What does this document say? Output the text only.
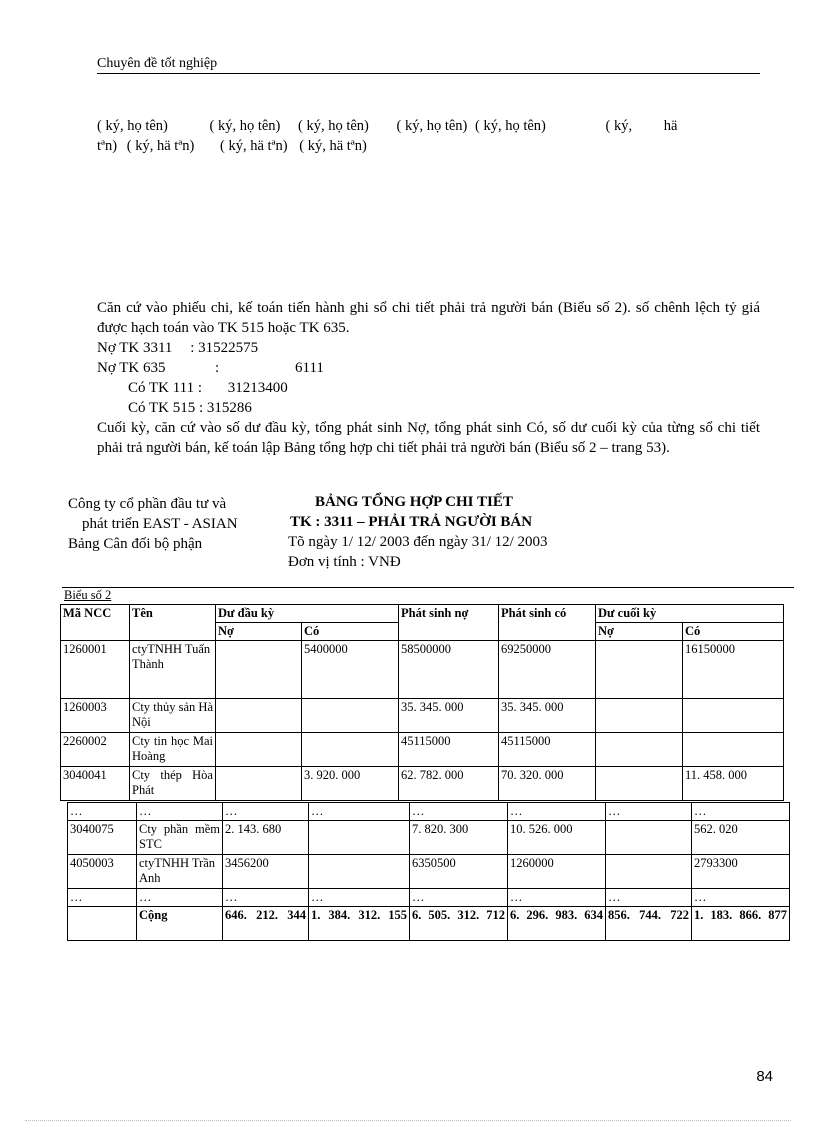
Chuyên đề tốt nghiệp
( ký, họ tên)	( ký, họ tên) ( ký, họ tên) ( ký, họ tên) ( ký, họ tên)	( ký, hä
tªn) ( ký, hä tªn) ( ký, hä tªn) ( ký, hä tªn)
Căn cứ vào phiếu chi, kế toán tiến hành ghi sổ chi tiết phải trả người bán (Biểu số 2). số chênh lệch tỷ giá được hạch toán vào TK 515 hoặc TK 635.
Nợ TK 3311 : 31522575
Nợ TK 635	:	6111
Có TK 111 : 31213400
Có TK 515 : 315286
Cuối kỳ, căn cứ vào số dư đầu kỳ, tổng phát sinh Nợ, tổng phát sinh Có, số dư cuối kỳ của từng sổ chi tiết phải trả người bán, kế toán lập Bảng tổng hợp chi tiết phải trả người bán (Biểu số 2 – trang 53).
Công ty cổ phần đầu tư và
phát triển EAST - ASIAN
Bảng Cân đối bộ phận
BẢNG TỔNG HỢP CHI TIẾT
TK : 3311 – PHẢI TRẢ NGƯỜI BÁN
Tõ ngày 1/ 12/ 2003 đến ngày 31/ 12/ 2003
Đơn vị tính : VNĐ
Biểu số 2
Mã NCC	Tên	Dư đầu kỳ		Phát sinh nợ	Phát sinh có	Dư cuối kỳ	
		Nợ	Có			Nợ	Có
1260001	ctyTNHH Tuấn Thành		5400000	58500000	69250000		16150000
1260003	Cty thủy sản Hà Nội			35. 345. 000	35. 345. 000		
2260002	Cty tin học Mai Hoàng			45115000	45115000		
3040041	Cty thép Hòa Phát		3. 920. 000	62. 782. 000	70. 320. 000		11. 458. 000
…	…	…	…	…	…	…	…
3040075	Cty phần mềm STC	2. 143. 680		7. 820. 300	10. 526. 000		562. 020
4050003	ctyTNHH Trần Anh	3456200		6350500	1260000		2793300
…	…	…	…	…	…	…	…
	Cộng	646. 212. 344	1. 384. 312. 155	6. 505. 312. 712	6. 296. 983. 634	856. 744. 722	1. 183. 866. 877
84
